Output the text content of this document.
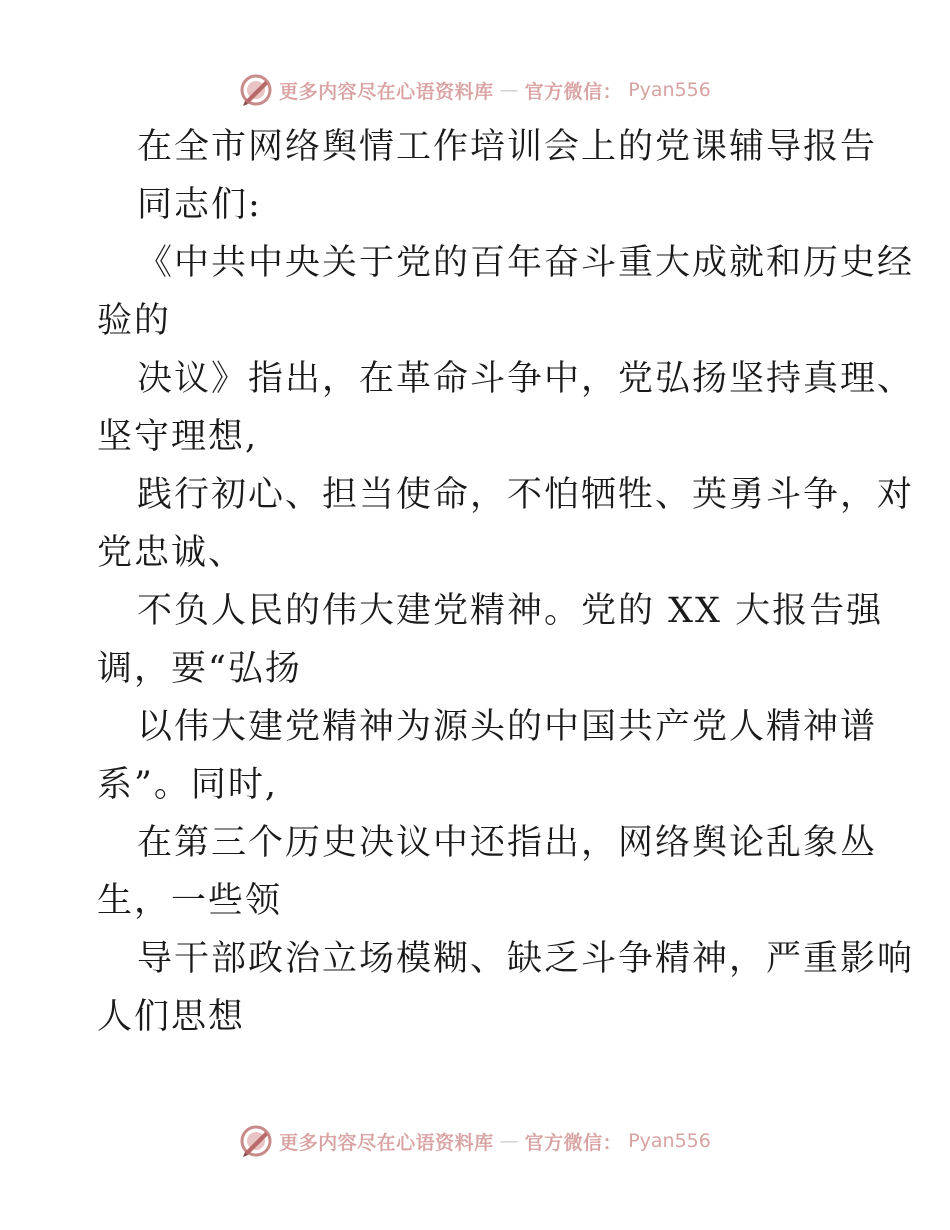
更多内容尽在心语资料库 — 官方微信： Pyan556
在全市网络舆情工作培训会上的党课辅导报告
同志们:
《中共中央关于党的百年奋斗重大成就和历史经
验的
决议》指出，在革命斗争中，党弘扬坚持真理、
坚守理想,
践行初心、担当使命，不怕牺牲、英勇斗争，对
党忠诚、
不负人民的伟大建党精神。党的 XX 大报告强
调，要“弘扬
以伟大建党精神为源头的中国共产党人精神谱
系”。同时,
在第三个历史决议中还指出，网络舆论乱象丛
生，一些领
导干部政治立场模糊、缺乏斗争精神，严重影响
人们思想
更多内容尽在心语资料库 — 官方微信： Pyan556
